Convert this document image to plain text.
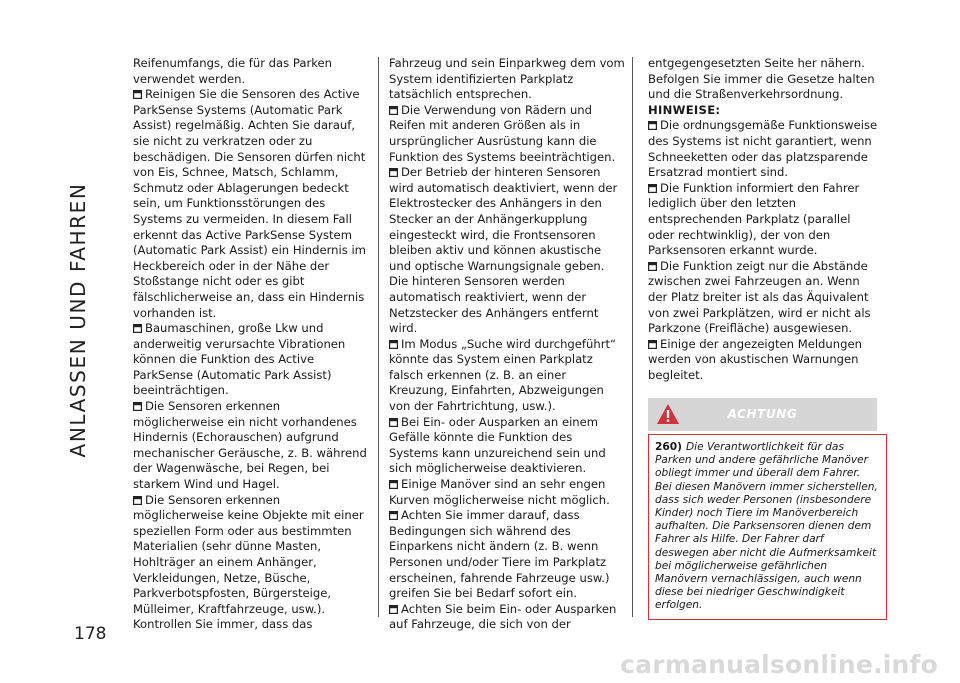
ANLASSEN UND FAHREN
178

Reifenumfangs, die für das Parken verwendet werden.

Reinigen Sie die Sensoren des Active ParkSense Systems (Automatic Park Assist) regelmäßig. Achten Sie darauf, sie nicht zu verkratzen oder zu beschädigen. Die Sensoren dürfen nicht von Eis, Schnee, Matsch, Schlamm, Schmutz oder Ablagerungen bedeckt sein, um Funktionsstörungen des Systems zu vermeiden. In diesem Fall erkennt das Active ParkSense System (Automatic Park Assist) ein Hindernis im Heckbereich oder in der Nähe der Stoßstange nicht oder es gibt fälschlicherweise an, dass ein Hindernis vorhanden ist.

Baumaschinen, große Lkw und anderweitig verursachte Vibrationen können die Funktion des Active ParkSense (Automatic Park Assist) beeinträchtigen.

Die Sensoren erkennen möglicherweise ein nicht vorhandenes Hindernis (Echorauschen) aufgrund mechanischer Geräusche, z. B. während der Wagenwäsche, bei Regen, bei starkem Wind und Hagel.

Die Sensoren erkennen möglicherweise keine Objekte mit einer speziellen Form oder aus bestimmten Materialien (sehr dünne Masten, Hohlträger an einem Anhänger, Verkleidungen, Netze, Büsche, Parkverbotspfosten, Bürgersteige, Mülleimer, Kraftfahrzeuge, usw.). Kontrollen Sie immer, dass das

Fahrzeug und sein Einparkweg dem vom System identifizierten Parkplatz tatsächlich entsprechen.

Die Verwendung von Rädern und Reifen mit anderen Größen als in ursprünglicher Ausrüstung kann die Funktion des Systems beeinträchtigen.

Der Betrieb der hinteren Sensoren wird automatisch deaktiviert, wenn der Elektrostecker des Anhängers in den Stecker an der Anhängerkupplung eingesteckt wird, die Frontsensoren bleiben aktiv und können akustische und optische Warnungsignale geben. Die hinteren Sensoren werden automatisch reaktiviert, wenn der Netzstecker des Anhängers entfernt wird.

Im Modus „Suche wird durchgeführt“ könnte das System einen Parkplatz falsch erkennen (z. B. an einer Kreuzung, Einfahrten, Abzweigungen von der Fahrtrichtung, usw.).

Bei Ein- oder Ausparken an einem Gefälle könnte die Funktion des Systems kann unzureichend sein und sich möglicherweise deaktivieren.

Einige Manöver sind an sehr engen Kurven möglicherweise nicht möglich.

Achten Sie immer darauf, dass Bedingungen sich während des Einparkens nicht ändern (z. B. wenn Personen und/oder Tiere im Parkplatz erscheinen, fahrende Fahrzeuge usw.) greifen Sie bei Bedarf sofort ein.

Achten Sie beim Ein- oder Ausparken auf Fahrzeuge, die sich von der

entgegengesetzten Seite her nähern. Befolgen Sie immer die Gesetze halten und die Straßenverkehrsordnung.

HINWEISE:

Die ordnungsgemäße Funktionsweise des Systems ist nicht garantiert, wenn Schneeketten oder das platzsparende Ersatzrad montiert sind.

Die Funktion informiert den Fahrer lediglich über den letzten entsprechenden Parkplatz (parallel oder rechtwinklig), der von den Parksensoren erkannt wurde.

Die Funktion zeigt nur die Abstände zwischen zwei Fahrzeugen an. Wenn der Platz breiter ist als das Äquivalent von zwei Parkplätzen, wird er nicht als Parkzone (Freifläche) ausgewiesen.

Einige der angezeigten Meldungen werden von akustischen Warnungen begleitet.

ACHTUNG
260) Die Verantwortlichkeit für das Parken und andere gefährliche Manöver obliegt immer und überall dem Fahrer. Bei diesen Manövern immer sicherstellen, dass sich weder Personen (insbesondere Kinder) noch Tiere im Manöverbereich aufhalten. Die Parksensoren dienen dem Fahrer als Hilfe. Der Fahrer darf deswegen aber nicht die Aufmerksamkeit bei möglicherweise gefährlichen Manövern vernachlässigen, auch wenn diese bei niedriger Geschwindigkeit erfolgen.
carmanualsonline.info
